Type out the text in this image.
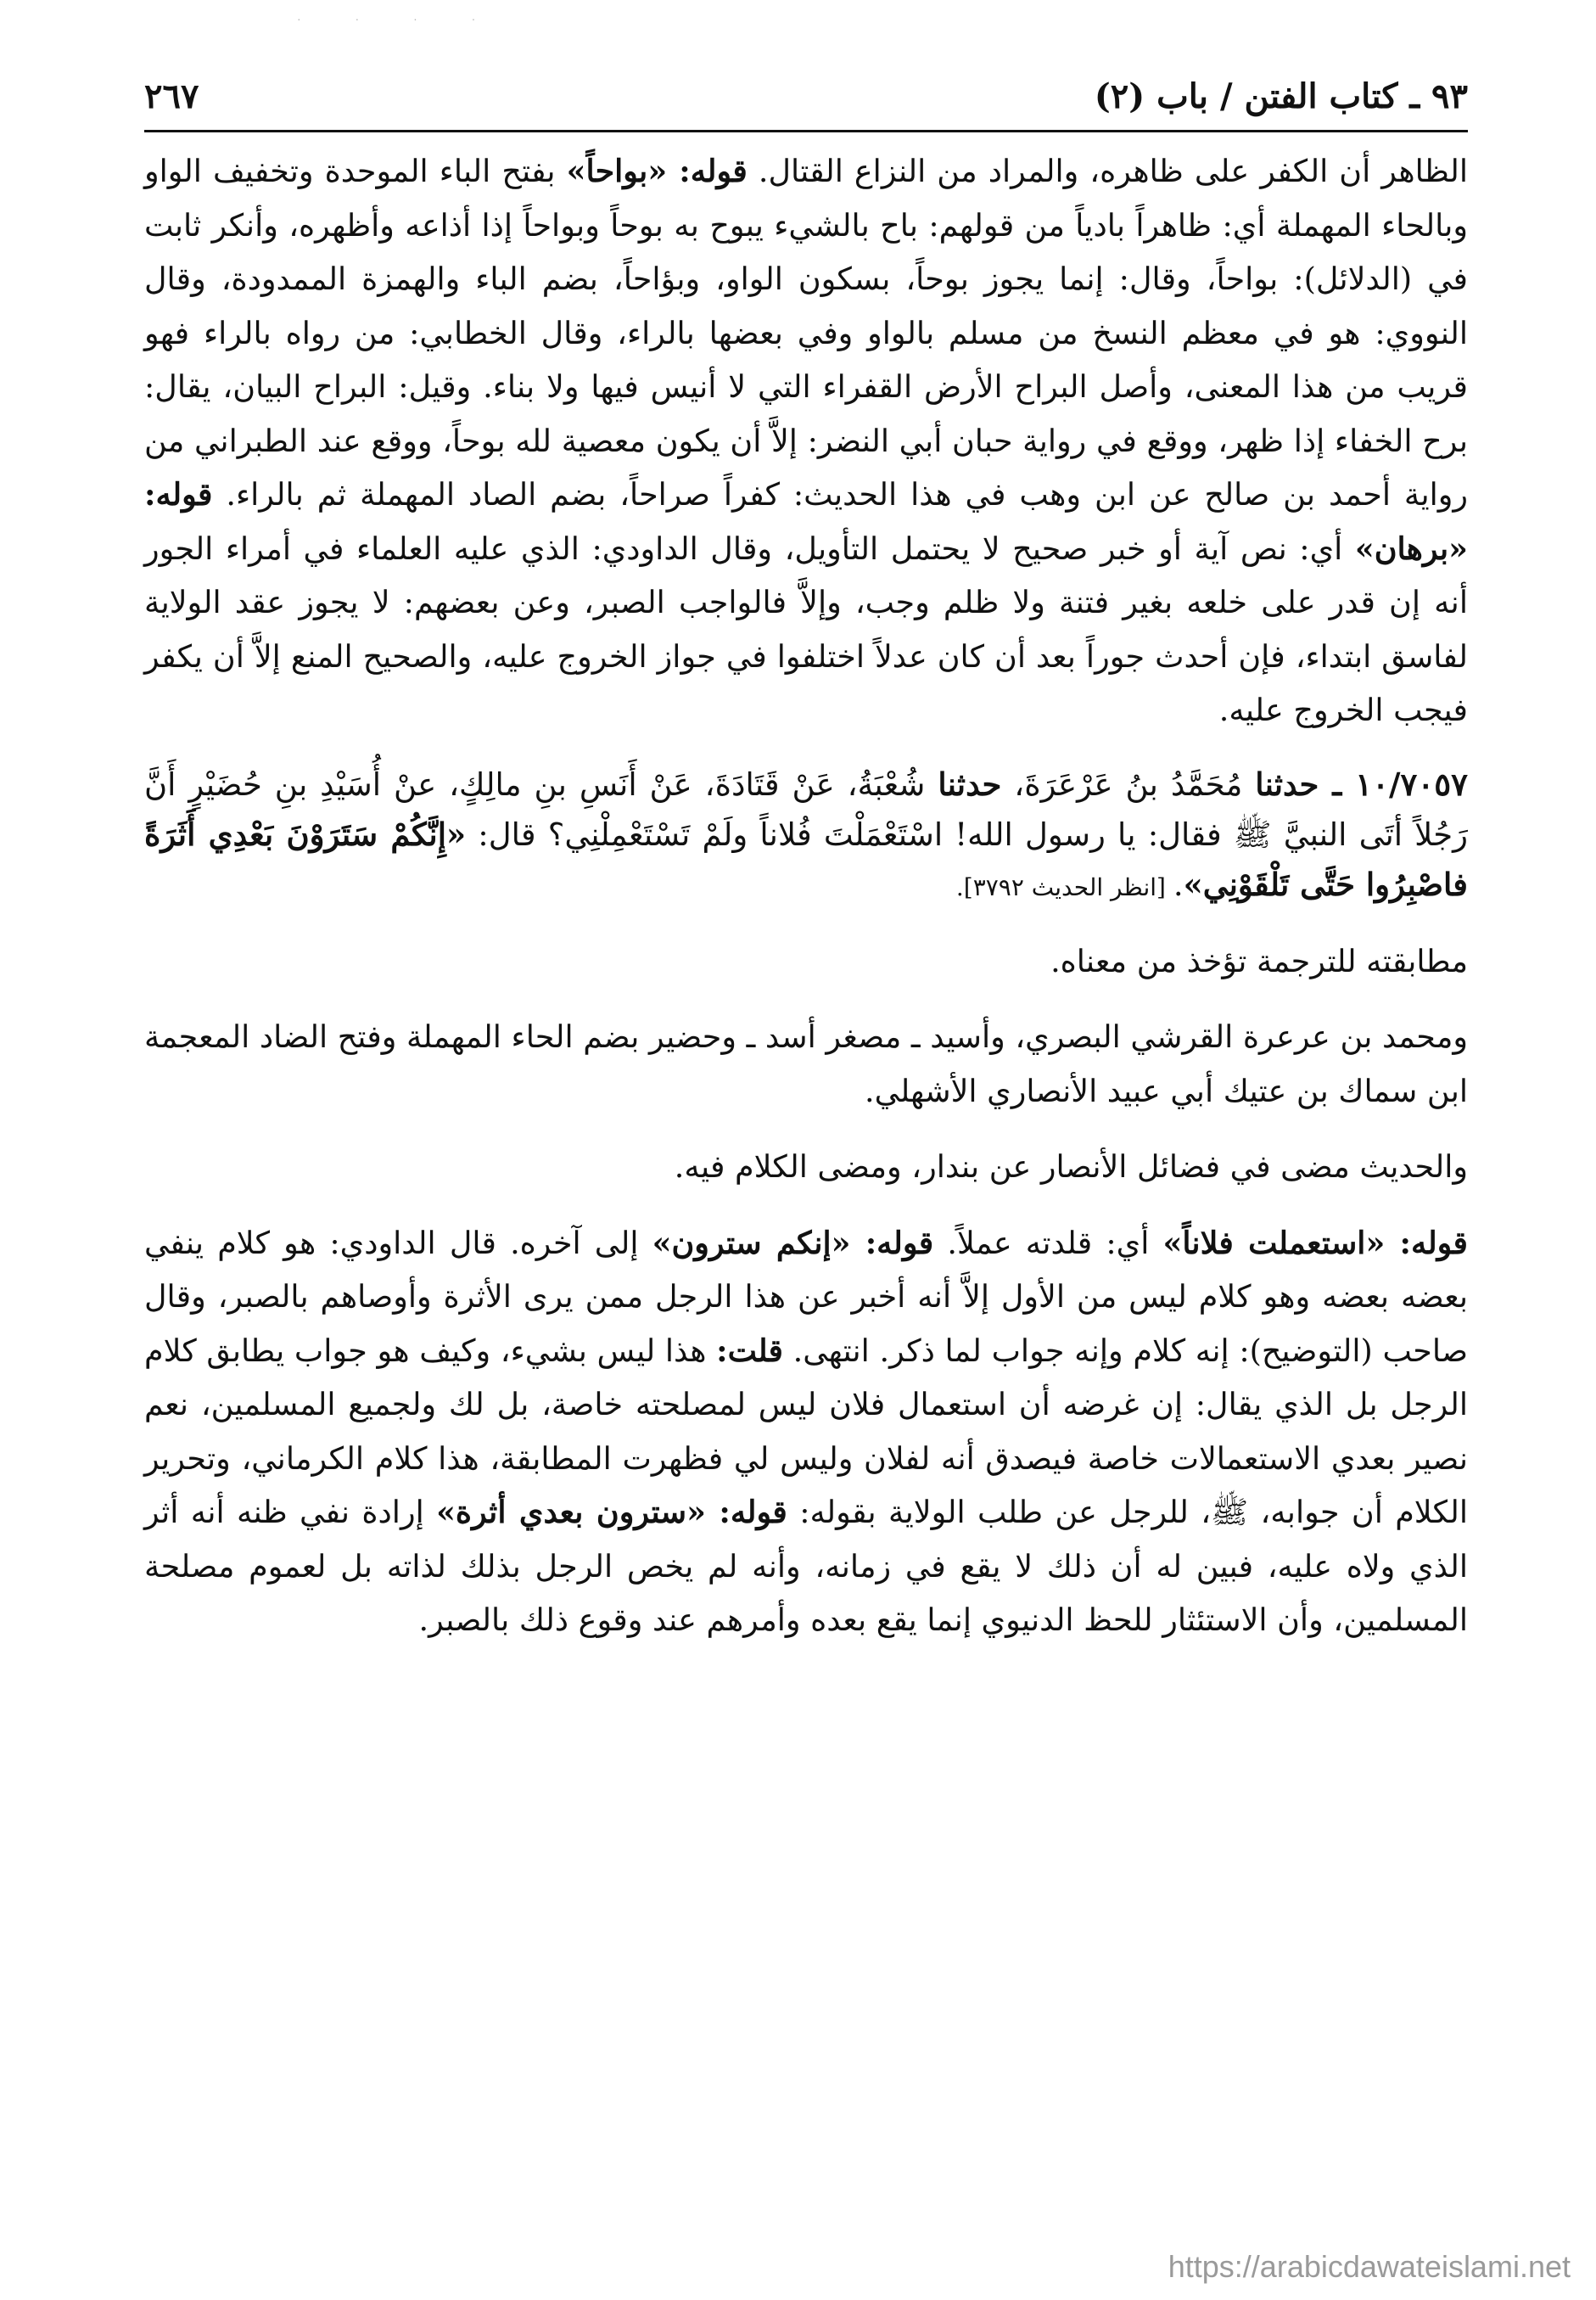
· · · ·
٩٣ ـ كتاب الفتن / باب (٢)
٢٦٧

الظاهر أن الكفر على ظاهره، والمراد من النزاع القتال. قوله: «بواحاً» بفتح الباء الموحدة وتخفيف الواو وبالحاء المهملة أي: ظاهراً بادياً من قولهم: باح بالشيء يبوح به بوحاً وبواحاً إذا أذاعه وأظهره، وأنكر ثابت في (الدلائل): بواحاً، وقال: إنما يجوز بوحاً، بسكون الواو، وبؤاحاً، بضم الباء والهمزة الممدودة، وقال النووي: هو في معظم النسخ من مسلم بالواو وفي بعضها بالراء، وقال الخطابي: من رواه بالراء فهو قريب من هذا المعنى، وأصل البراح الأرض القفراء التي لا أنيس فيها ولا بناء. وقيل: البراح البيان، يقال: برح الخفاء إذا ظهر، ووقع في رواية حبان أبي النضر: إلاَّ أن يكون معصية لله بوحاً، ووقع عند الطبراني من رواية أحمد بن صالح عن ابن وهب في هذا الحديث: كفراً صراحاً، بضم الصاد المهملة ثم بالراء. قوله: «برهان» أي: نص آية أو خبر صحيح لا يحتمل التأويل، وقال الداودي: الذي عليه العلماء في أمراء الجور أنه إن قدر على خلعه بغير فتنة ولا ظلم وجب، وإلاَّ فالواجب الصبر، وعن بعضهم: لا يجوز عقد الولاية لفاسق ابتداء، فإن أحدث جوراً بعد أن كان عدلاً اختلفوا في جواز الخروج عليه، والصحيح المنع إلاَّ أن يكفر فيجب الخروج عليه.

١٠/٧٠٥٧ ـ حدثنا مُحَمَّدُ بنُ عَرْعَرَةَ، حدثنا شُعْبَةُ، عَنْ قَتَادَةَ، عَنْ أَنَسِ بنِ مالِكٍ، عنْ أُسَيْدِ بنِ حُضَيْرٍ أَنَّ رَجُلاً أتَى النبيَّ ﷺ فقال: يا رسول الله! اسْتَعْمَلْتَ فُلاناً ولَمْ تَسْتَعْمِلْنِي؟ قال: «إِنَّكُمْ سَتَرَوْنَ بَعْدِي أَثَرَةً فاصْبِرُوا حَتَّى تَلْقَوْنِي». [انظر الحديث ٣٧٩٢].

مطابقته للترجمة تؤخذ من معناه.

ومحمد بن عرعرة القرشي البصري، وأسيد ـ مصغر أسد ـ وحضير بضم الحاء المهملة وفتح الضاد المعجمة ابن سماك بن عتيك أبي عبيد الأنصاري الأشهلي.

والحديث مضى في فضائل الأنصار عن بندار، ومضى الكلام فيه.

قوله: «استعملت فلاناً» أي: قلدته عملاً. قوله: «إنكم سترون» إلى آخره. قال الداودي: هو كلام ينفي بعضه بعضه وهو كلام ليس من الأول إلاَّ أنه أخبر عن هذا الرجل ممن يرى الأثرة وأوصاهم بالصبر، وقال صاحب (التوضيح): إنه كلام وإنه جواب لما ذكر. انتهى. قلت: هذا ليس بشيء، وكيف هو جواب يطابق كلام الرجل بل الذي يقال: إن غرضه أن استعمال فلان ليس لمصلحته خاصة، بل لك ولجميع المسلمين، نعم نصير بعدي الاستعمالات خاصة فيصدق أنه لفلان وليس لي فظهرت المطابقة، هذا كلام الكرماني، وتحرير الكلام أن جوابه، ﷺ، للرجل عن طلب الولاية بقوله: قوله: «سترون بعدي أثرة» إرادة نفي ظنه أنه أثر الذي ولاه عليه، فبين له أن ذلك لا يقع في زمانه، وأنه لم يخص الرجل بذلك لذاته بل لعموم مصلحة المسلمين، وأن الاستئثار للحظ الدنيوي إنما يقع بعده وأمرهم عند وقوع ذلك بالصبر.

https://arabicdawateislami.net
